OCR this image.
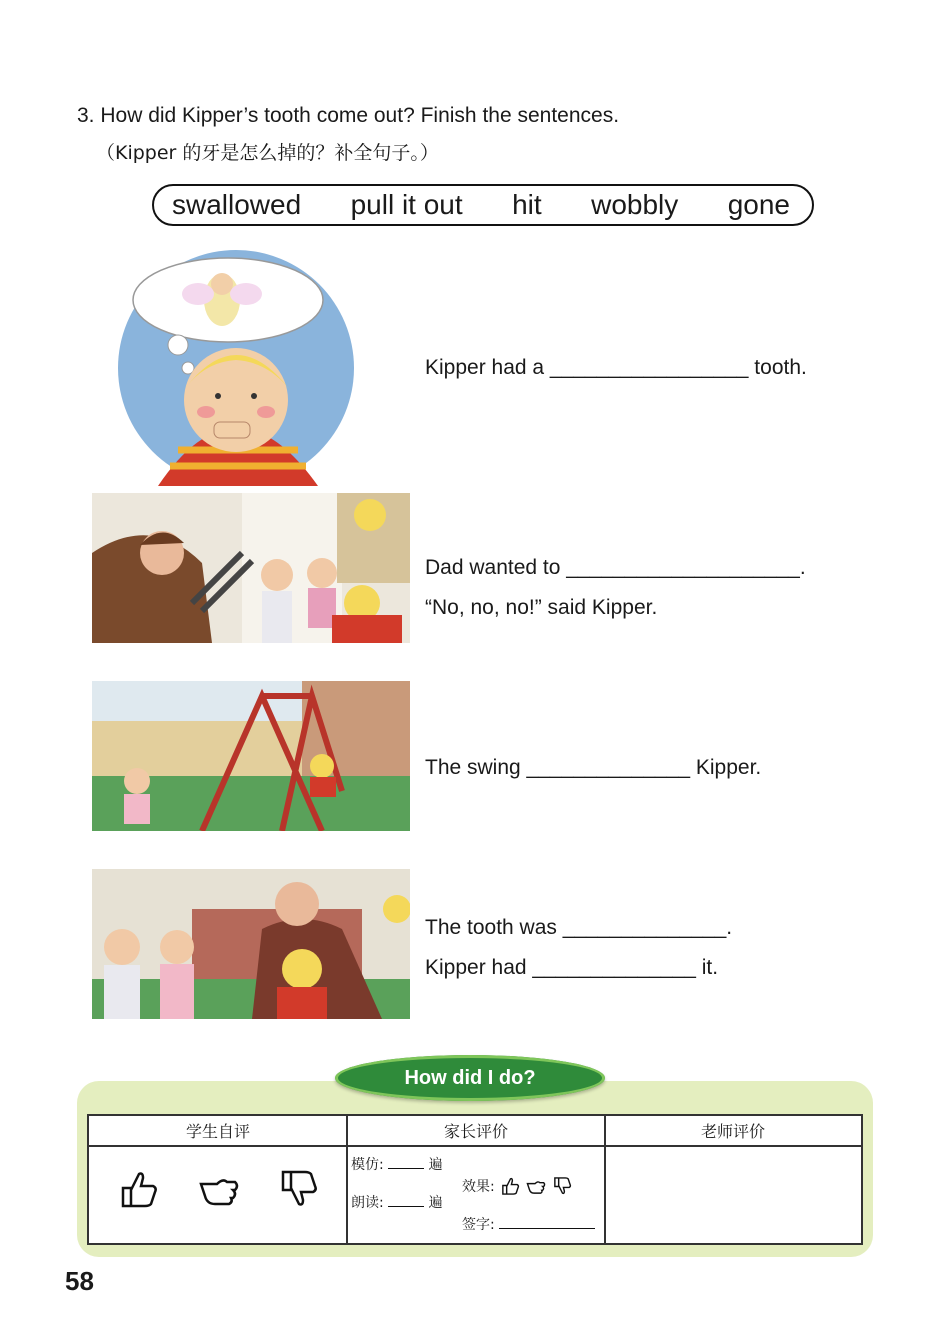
3. How did Kipper’s tooth come out? Finish the sentences.
（Kipper 的牙是怎么掉的？补全句子。）
swallowed pull it out hit wobbly gone
Kipper had a _________________ tooth.
Dad wanted to ____________________.
“No, no, no!” said Kipper.
The swing ______________ Kipper.
The tooth was ______________.
Kipper had ______________ it.
How did I do?
学生自评	家长评价	老师评价
模仿:	遍
朗读:	遍
效果:
签字:
58
